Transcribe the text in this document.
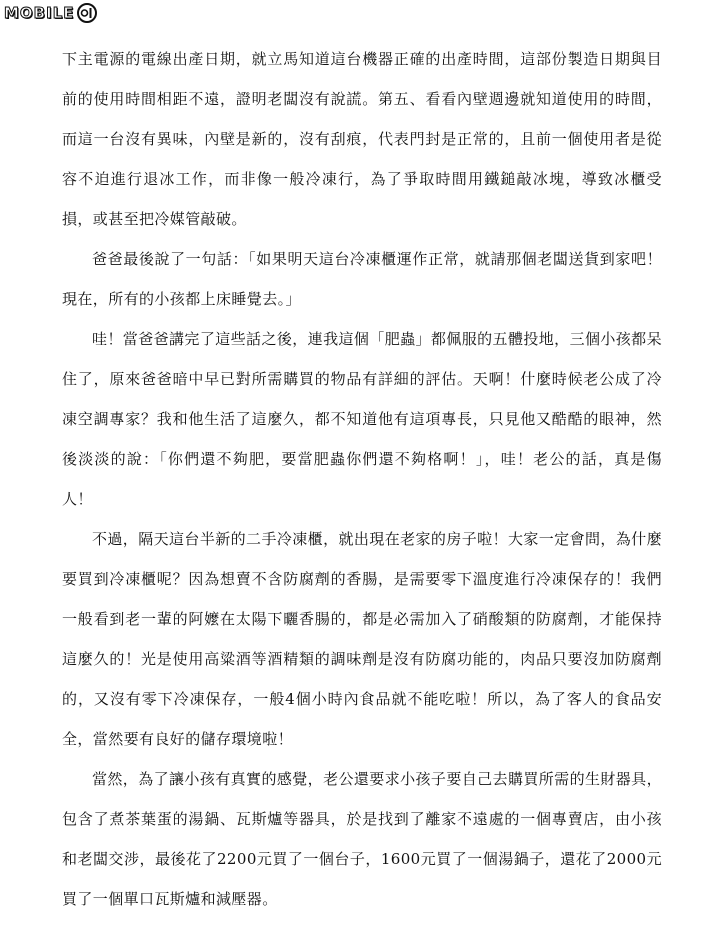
MOBILE

下主電源的電線出產日期，就立馬知道這台機器正確的出產時間，這部份製造日期與目前的使用時間相距不遠，證明老闆沒有說謊。第五、看看內壁週邊就知道使用的時間，而這一台沒有異味，內壁是新的，沒有刮痕，代表門封是正常的，且前一個使用者是從容不迫進行退冰工作，而非像一般冷凍行，為了爭取時間用鐵鎚敲冰塊，導致冰櫃受損，或甚至把冷媒管敲破。

爸爸最後說了一句話：「如果明天這台冷凍櫃運作正常，就請那個老闆送貨到家吧！現在，所有的小孩都上床睡覺去。」

哇！當爸爸講完了這些話之後，連我這個「肥蟲」都佩服的五體投地，三個小孩都呆住了，原來爸爸暗中早已對所需購買的物品有詳細的評估。天啊！什麼時候老公成了冷凍空調專家？我和他生活了這麼久，都不知道他有這項專長，只見他又酷酷的眼神，然後淡淡的說：「你們還不夠肥，要當肥蟲你們還不夠格啊！」，哇！老公的話，真是傷人！

不過，隔天這台半新的二手冷凍櫃，就出現在老家的房子啦！大家一定會問，為什麼要買到冷凍櫃呢？因為想賣不含防腐劑的香腸，是需要零下溫度進行冷凍保存的！我們一般看到老一輩的阿嬤在太陽下曬香腸的，都是必需加入了硝酸類的防腐劑，才能保持這麼久的！光是使用高粱酒等酒精類的調味劑是沒有防腐功能的，肉品只要沒加防腐劑的，又沒有零下冷凍保存，一般4個小時內食品就不能吃啦！所以，為了客人的食品安全，當然要有良好的儲存環境啦！

當然，為了讓小孩有真實的感覺，老公還要求小孩子要自己去購買所需的生財器具，包含了煮茶葉蛋的湯鍋、瓦斯爐等器具，於是找到了離家不遠處的一個專賣店，由小孩和老闆交涉，最後花了2200元買了一個台子，1600元買了一個湯鍋子，還花了2000元買了一個單口瓦斯爐和減壓器。
